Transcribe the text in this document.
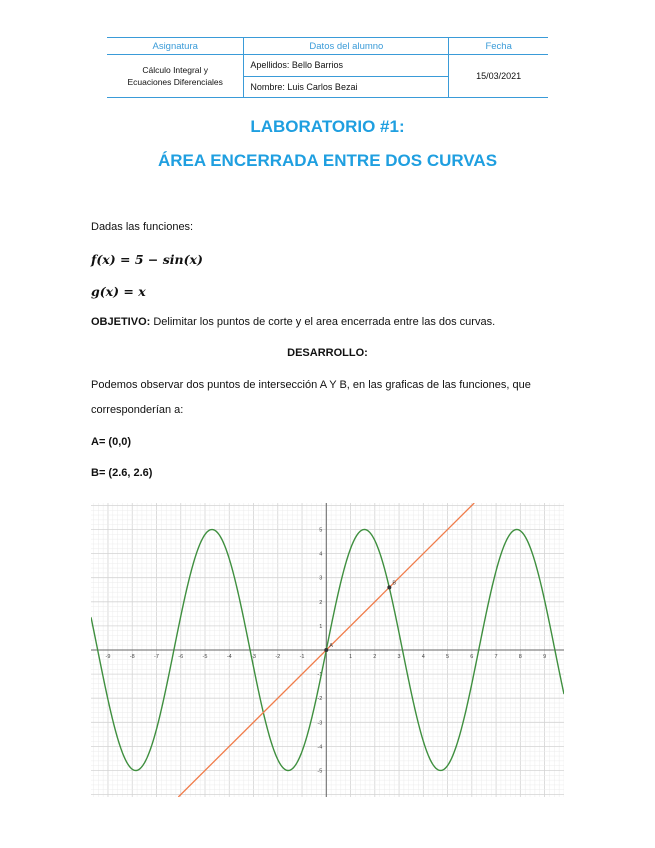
Asignatura	Datos del alumno	Fecha

Cálculo Integral y
Ecuaciones Diferenciales	Apellidos: Bello Barrios	15/03/2021
	Nombre: Luis Carlos Bezai	
LABORATORIO #1:
ÁREA ENCERRADA ENTRE DOS CURVAS
Dadas las funciones:
f(x) = 5 − sin(x)
g(x) = x
OBJETIVO: Delimitar los puntos de corte y el area encerrada entre las dos curvas.
DESARROLLO:
Podemos observar dos puntos de intersección A Y B, en las graficas de las funciones, que
corresponderían a:
A= (0,0)
B= (2.6, 2.6)
-9	-8	-7	-6	-5	-4	-3	-2	-1	1	2	3	4	5	6	7	8	9
-5
-4
-3
-2
-1
1
2
3
4
5
A
B
